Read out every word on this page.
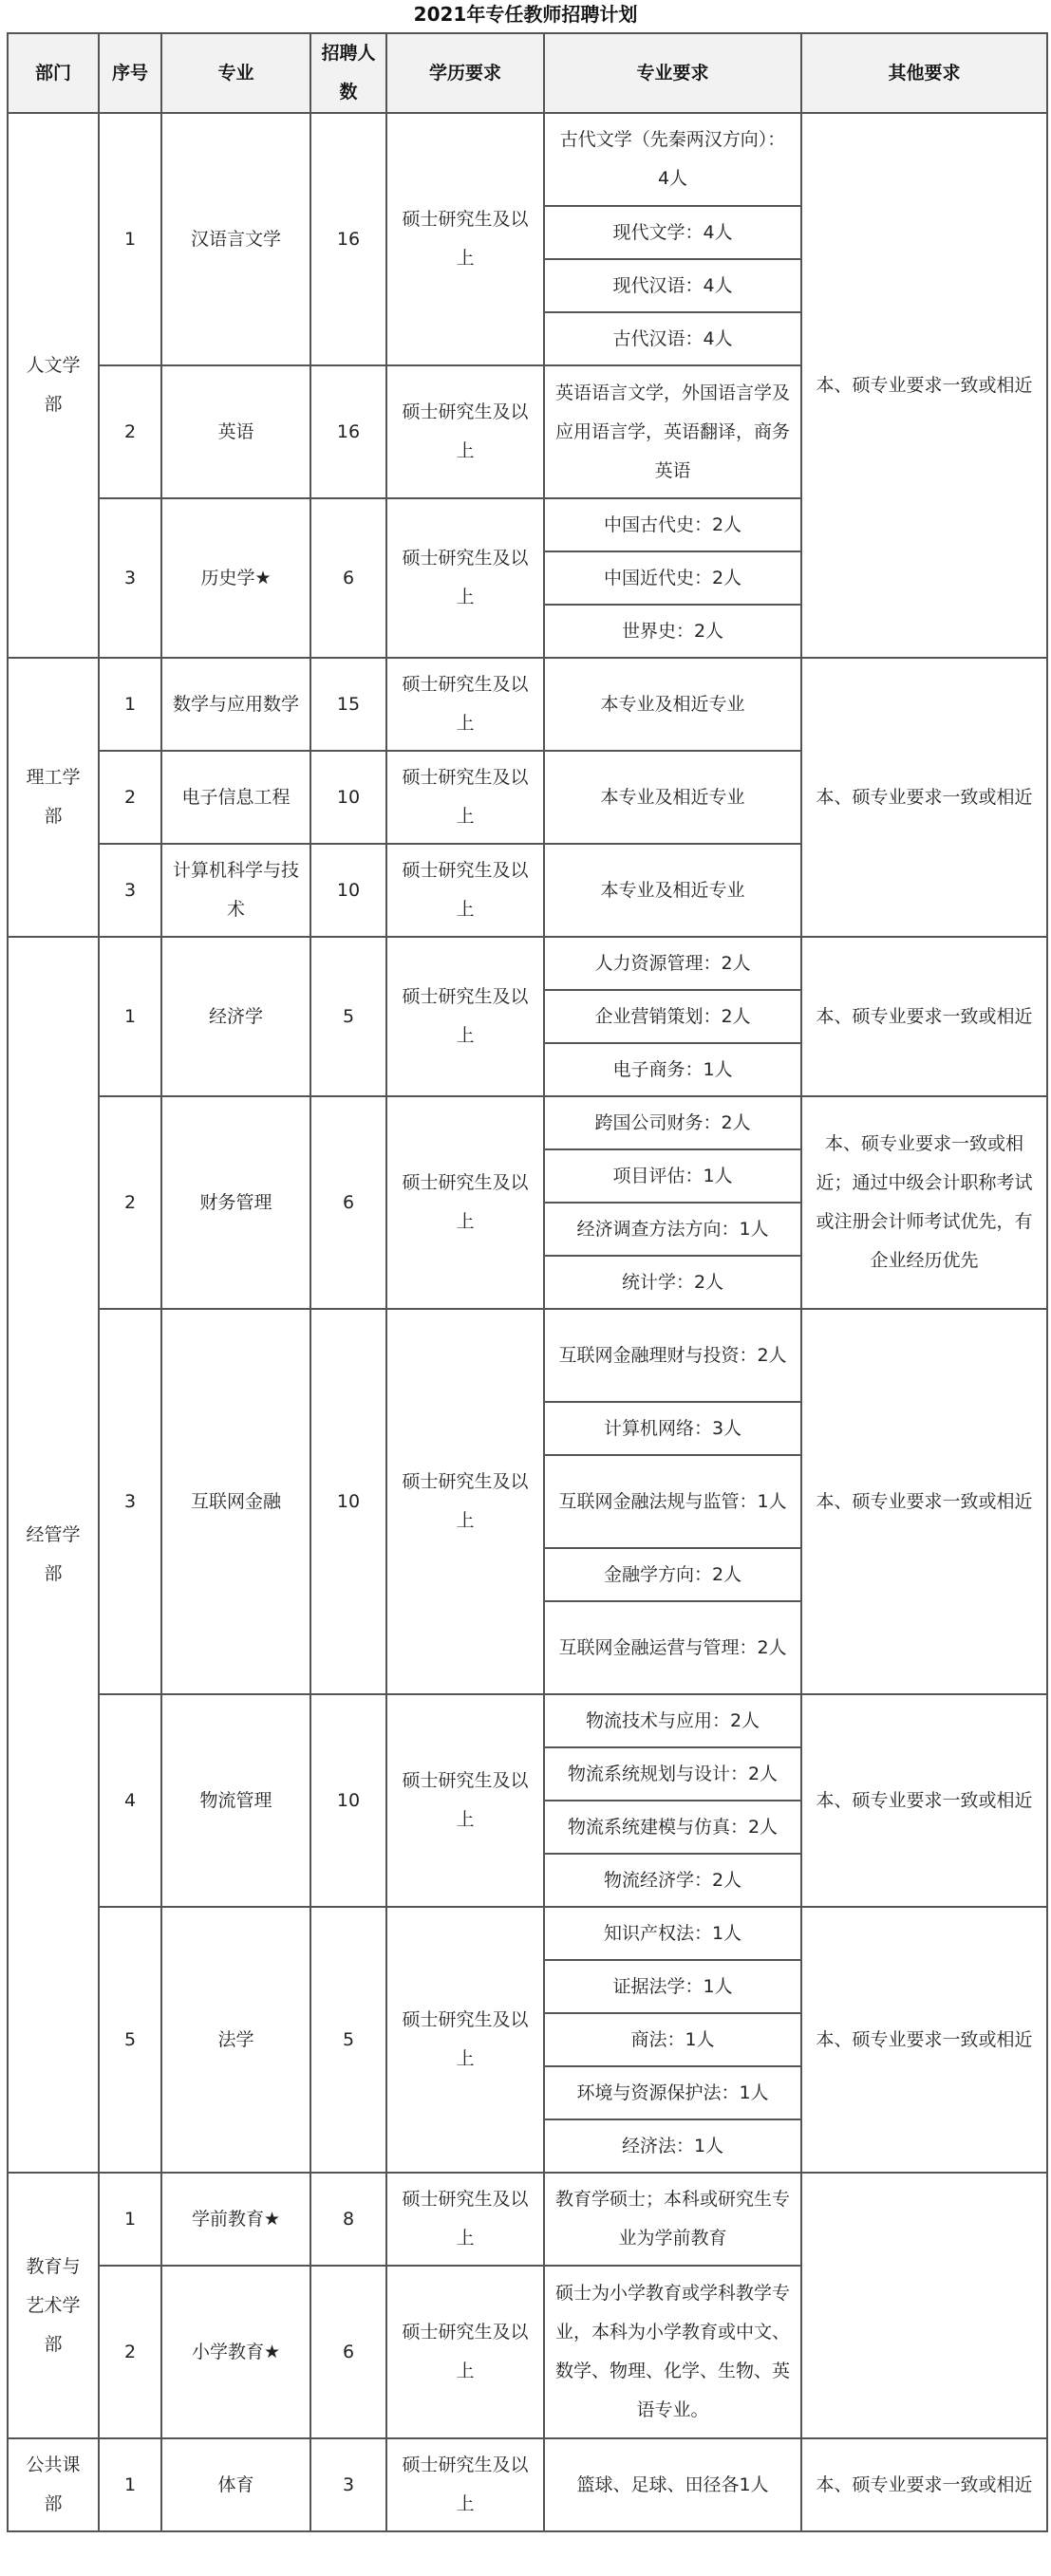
2021年专任教师招聘计划
部门	序号	专业	招聘人数	学历要求	专业要求	其他要求
人文学部	1	汉语言文学	16	硕士研究生及以上	古代文学（先秦两汉方向）：4人	本、硕专业要求一致或相近
					现代文学：4人	
					现代汉语：4人	
					古代汉语：4人	
	2	英语	16	硕士研究生及以上	英语语言文学，外国语言学及应用语言学，英语翻译，商务英语	
	3	历史学★	6	硕士研究生及以上	中国古代史：2人	
					中国近代史：2人	
					世界史：2人	
理工学部	1	数学与应用数学	15	硕士研究生及以上	本专业及相近专业	本、硕专业要求一致或相近
	2	电子信息工程	10	硕士研究生及以上	本专业及相近专业	
	3	计算机科学与技术	10	硕士研究生及以上	本专业及相近专业	
经管学部	1	经济学	5	硕士研究生及以上	人力资源管理：2人	本、硕专业要求一致或相近
					企业营销策划：2人	
					电子商务：1人	
	2	财务管理	6	硕士研究生及以上	跨国公司财务：2人	本、硕专业要求一致或相近；通过中级会计职称考试或注册会计师考试优先，有企业经历优先
					项目评估：1人	
					经济调查方法方向：1人	
					统计学：2人	
	3	互联网金融	10	硕士研究生及以上	互联网金融理财与投资：2人	本、硕专业要求一致或相近
					计算机网络：3人	
					互联网金融法规与监管：1人	
					金融学方向：2人	
					互联网金融运营与管理：2人	
	4	物流管理	10	硕士研究生及以上	物流技术与应用：2人	本、硕专业要求一致或相近
					物流系统规划与设计：2人	
					物流系统建模与仿真：2人	
					物流经济学：2人	
	5	法学	5	硕士研究生及以上	知识产权法：1人	本、硕专业要求一致或相近
					证据法学：1人	
					商法：1人	
					环境与资源保护法：1人	
					经济法：1人	
教育与艺术学部	1	学前教育★	8	硕士研究生及以上	教育学硕士；本科或研究生专业为学前教育	
	2	小学教育★	6	硕士研究生及以上	硕士为小学教育或学科教学专业，本科为小学教育或中文、数学、物理、化学、生物、英语专业。	
公共课部	1	体育	3	硕士研究生及以上	篮球、足球、田径各1人	本、硕专业要求一致或相近
